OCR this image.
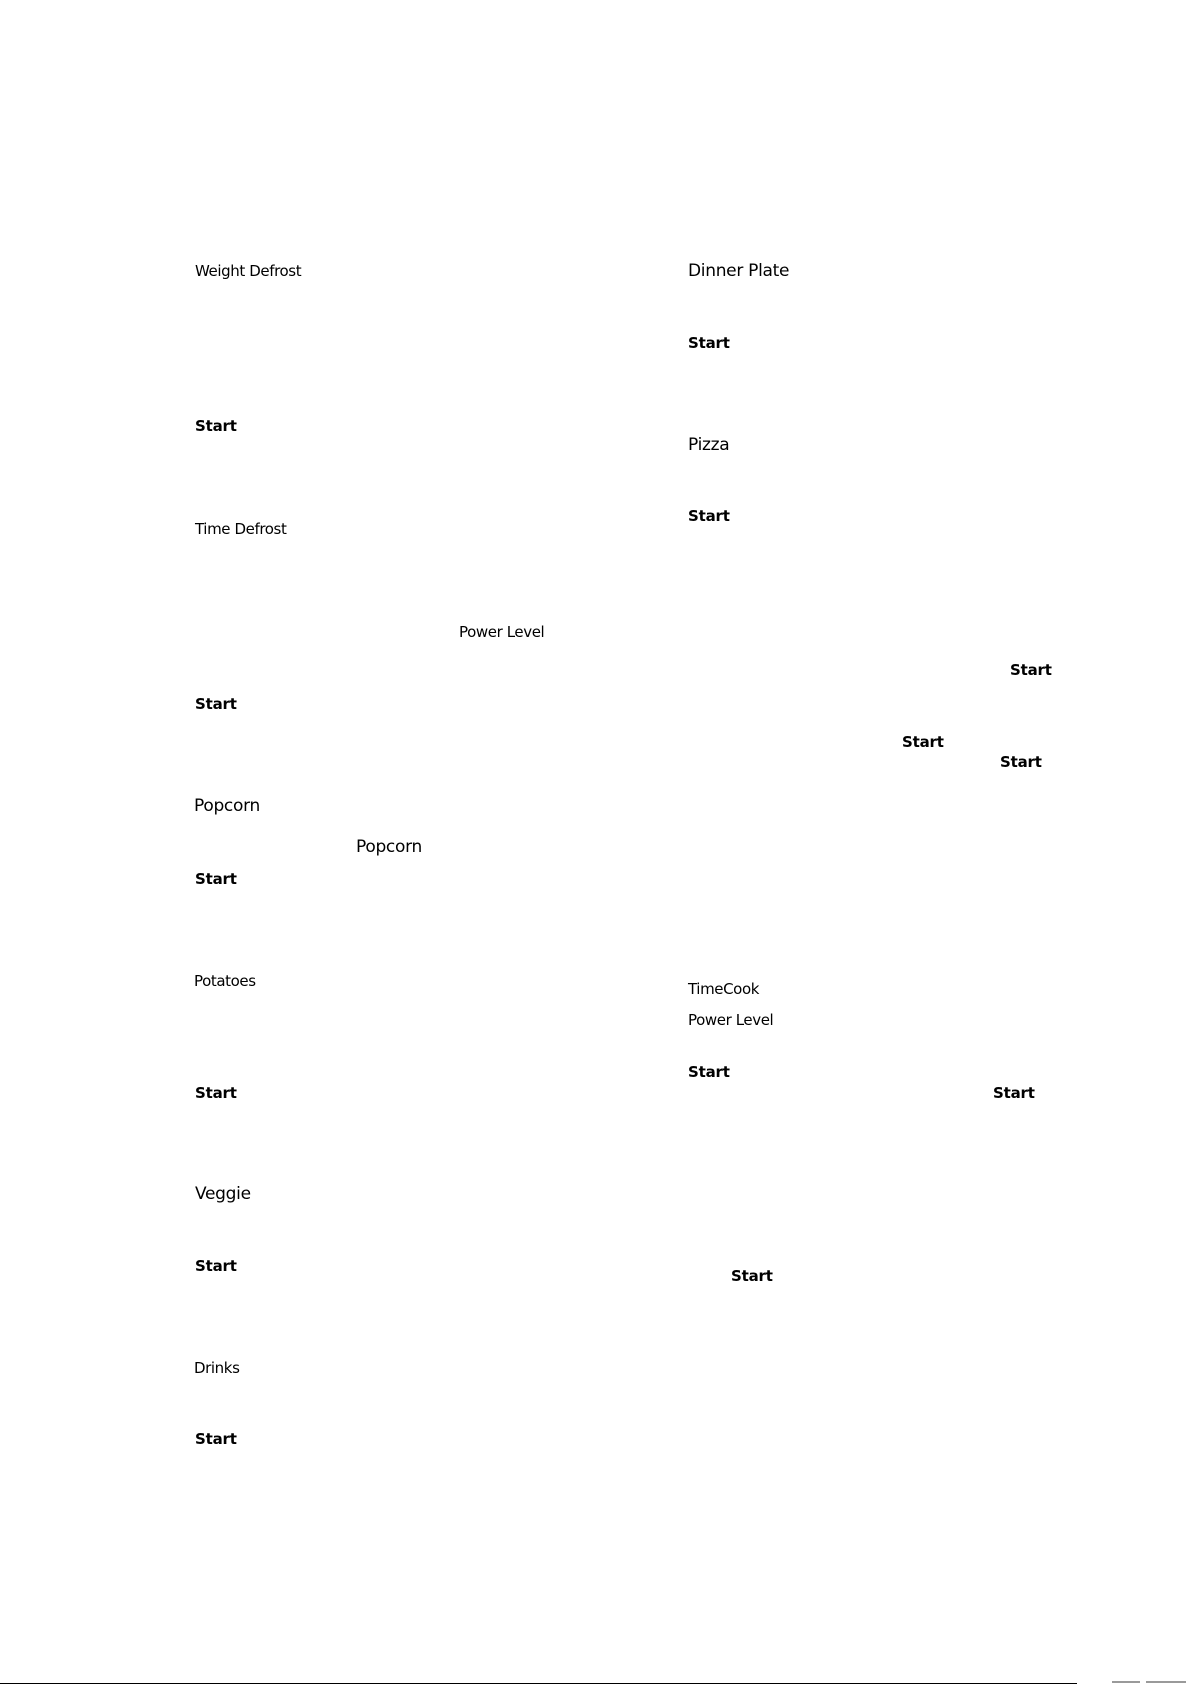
Weight Defrost
Start
Time Defrost
Power Level
Start
Popcorn
Popcorn
Start
Potatoes
Start
Veggie
Start
Drinks
Start
Dinner Plate
Start
Pizza
Start
Start
Start
Start
TimeCook
Power Level
Start
Start
Start
